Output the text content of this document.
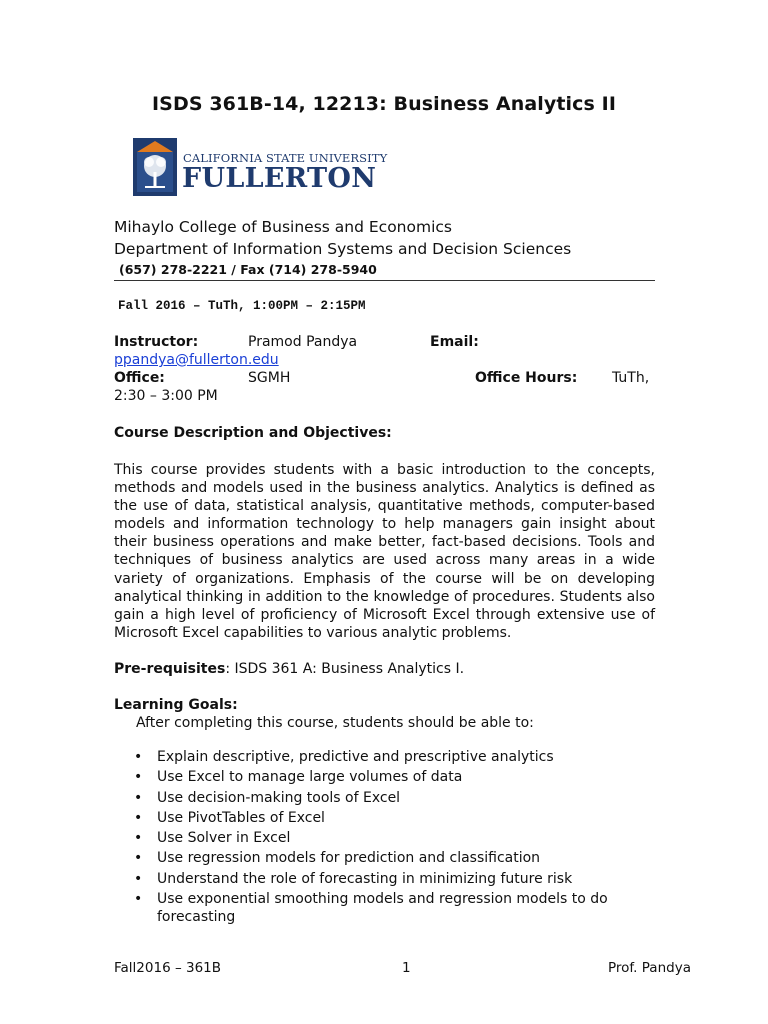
ISDS 361B-14, 12213: Business Analytics II
CALIFORNIA STATE UNIVERSITY
FULLERTON
Mihaylo College of Business and Economics
Department of Information Systems and Decision Sciences
(657) 278-2221 / Fax (714) 278-5940
Fall 2016 – TuTh, 1:00PM – 2:15PM
Instructor:	Pramod Pandya	Email:
ppandya@fullerton.edu
Office:	SGMH	Office Hours: TuTh,
2:30 – 3:00 PM
Course Description and Objectives:
This course provides students with a basic introduction to the concepts, methods and models used in the business analytics. Analytics is defined as the use of data, statistical analysis, quantitative methods, computer-based models and information technology to help managers gain insight about their business operations and make better, fact-based decisions. Tools and techniques of business analytics are used across many areas in a wide variety of organizations. Emphasis of the course will be on developing analytical thinking in addition to the knowledge of procedures. Students also gain a high level of proficiency of Microsoft Excel through extensive use of Microsoft Excel capabilities to various analytic problems.
Pre-requisites: ISDS 361 A: Business Analytics I.
Learning Goals:
After completing this course, students should be able to:
• Explain descriptive, predictive and prescriptive analytics
• Use Excel to manage large volumes of data
• Use decision-making tools of Excel
• Use PivotTables of Excel
• Use Solver in Excel
• Use regression models for prediction and classification
• Understand the role of forecasting in minimizing future risk
• Use exponential smoothing models and regression models to do forecasting
Fall2016 – 361B	1	Prof. Pandya
